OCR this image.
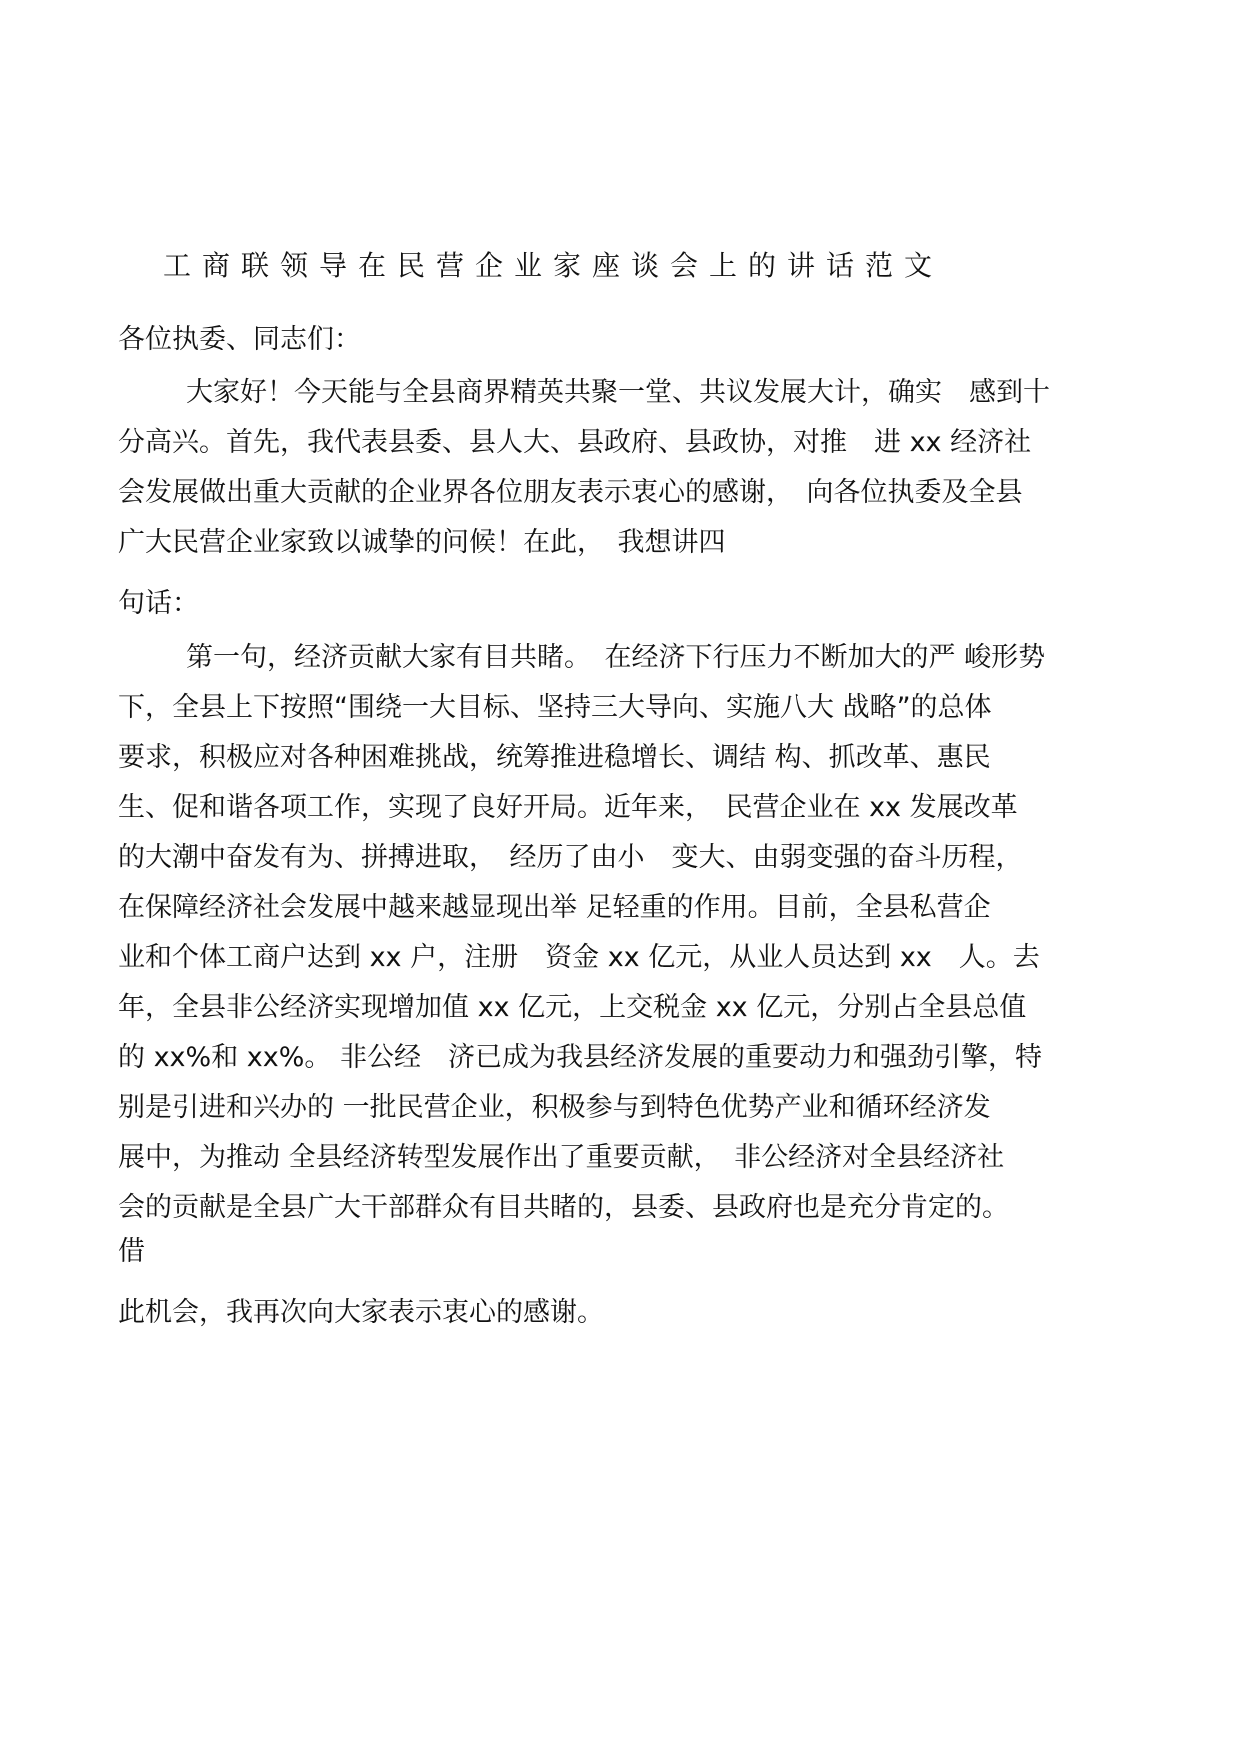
工商联领导在民营企业家座谈会上的讲话范文
各位执委、同志们：
大家好！今天能与全县商界精英共聚一堂、共议发展大计，确实　感到十
分高兴。首先，我代表县委、县人大、县政府、县政协，对推　进 xx 经济社
会发展做出重大贡献的企业界各位朋友表示衷心的感谢，　向各位执委及全县
广大民营企业家致以诚挚的问候！在此，　我想讲四
句话：
第一句，经济贡献大家有目共睹。　在经济下行压力不断加大的严 峻形势
下，全县上下按照“围绕一大目标、坚持三大导向、实施八大 战略”的总体
要求，积极应对各种困难挑战，统筹推进稳增长、调结 构、抓改革、惠民
生、促和谐各项工作，实现了良好开局。近年来，　民营企业在 xx 发展改革
的大潮中奋发有为、拼搏进取，　经历了由小　变大、由弱变强的奋斗历程，
在保障经济社会发展中越来越显现出举 足轻重的作用。目前，全县私营企
业和个体工商户达到 xx 户，注册　资金 xx 亿元，从业人员达到 xx　人。去
年，全县非公经济实现增加值 xx 亿元，上交税金 xx 亿元，分别占全县总值
的 xx%和 xx%。 非公经　济已成为我县经济发展的重要动力和强劲引擎，特
别是引进和兴办的 一批民营企业，积极参与到特色优势产业和循环经济发
展中，为推动 全县经济转型发展作出了重要贡献，　非公经济对全县经济社
会的贡献是全县广大干部群众有目共睹的，县委、县政府也是充分肯定的。
借
此机会，我再次向大家表示衷心的感谢。
